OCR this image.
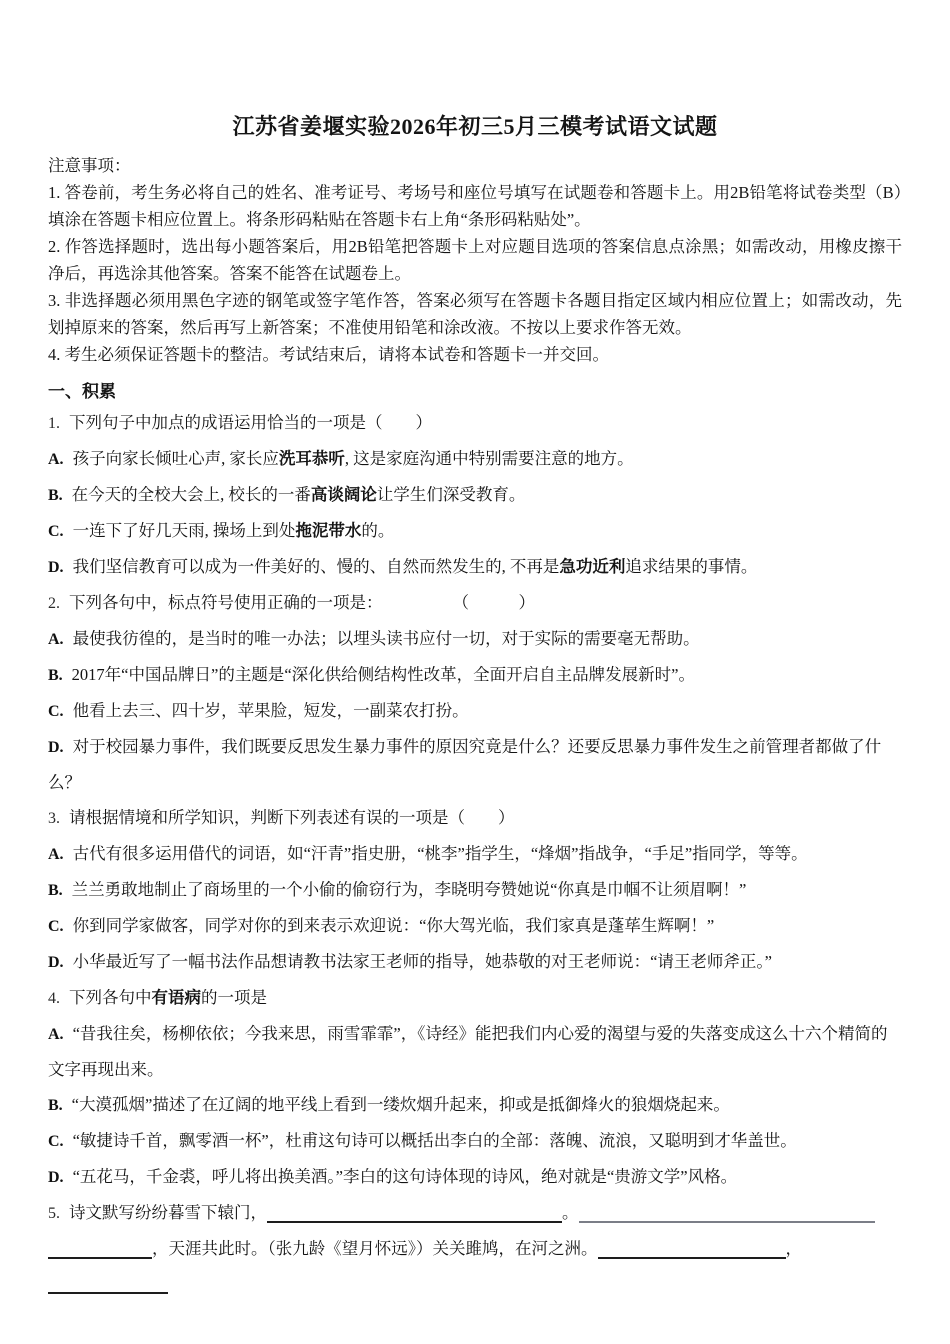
江苏省姜堰实验2026年初三5月三模考试语文试题

注意事项：

1. 答卷前，考生务必将自己的姓名、准考证号、考场号和座位号填写在试题卷和答题卡上。用2B铅笔将试卷类型（B）填涂在答题卡相应位置上。将条形码粘贴在答题卡右上角“条形码粘贴处”。

2. 作答选择题时，选出每小题答案后，用2B铅笔把答题卡上对应题目选项的答案信息点涂黑；如需改动，用橡皮擦干净后，再选涂其他答案。答案不能答在试题卷上。

3. 非选择题必须用黑色字迹的钢笔或签字笔作答，答案必须写在答题卡各题目指定区域内相应位置上；如需改动，先划掉原来的答案，然后再写上新答案；不准使用铅笔和涂改液。不按以上要求作答无效。

4. 考生必须保证答题卡的整洁。考试结束后，请将本试卷和答题卡一并交回。

一、积累

1. 下列句子中加点的成语运用恰当的一项是（　　）

A. 孩子向家长倾吐心声, 家长应洗耳恭听, 这是家庭沟通中特别需要注意的地方。

B. 在今天的全校大会上, 校长的一番高谈阔论让学生们深受教育。

C. 一连下了好几天雨, 操场上到处拖泥带水的。

D. 我们坚信教育可以成为一件美好的、慢的、自然而然发生的, 不再是急功近利追求结果的事情。

2. 下列各句中，标点符号使用正确的一项是：	（　　　）

A. 最使我彷徨的，是当时的唯一办法；以埋头读书应付一切，对于实际的需要毫无帮助。

B. 2017年“中国品牌日”的主题是“深化供给侧结构性改革，全面开启自主品牌发展新时”。

C. 他看上去三、四十岁，苹果脸，短发，一副菜农打扮。

D. 对于校园暴力事件，我们既要反思发生暴力事件的原因究竟是什么？还要反思暴力事件发生之前管理者都做了什么？

3. 请根据情境和所学知识，判断下列表述有误的一项是（　　）

A. 古代有很多运用借代的词语，如“汗青”指史册，“桃李”指学生，“烽烟”指战争，“手足”指同学，等等。

B. 兰兰勇敢地制止了商场里的一个小偷的偷窃行为，李晓明夸赞她说“你真是巾帼不让须眉啊！”

C. 你到同学家做客，同学对你的到来表示欢迎说：“你大驾光临，我们家真是蓬荜生辉啊！”

D. 小华最近写了一幅书法作品想请教书法家王老师的指导，她恭敬的对王老师说：“请王老师斧正。”

4. 下列各句中有语病的一项是

A. “昔我往矣，杨柳依依；今我来思，雨雪霏霏”，《诗经》能把我们内心爱的渴望与爱的失落变成这么十六个精简的文字再现出来。

B. “大漠孤烟”描述了在辽阔的地平线上看到一缕炊烟升起来，抑或是抵御烽火的狼烟烧起来。

C. “敏捷诗千首，飘零酒一杯”，杜甫这句诗可以概括出李白的全部：落魄、流浪，又聪明到才华盖世。

D. “五花马，千金裘，呼儿将出换美酒。”李白的这句诗体现的诗风，绝对就是“贵游文学”风格。

5. 诗文默写纷纷暮雪下辕门，	。

，天涯共此时。（张九龄《望月怀远》）关关雎鸠，在河之洲。	，
